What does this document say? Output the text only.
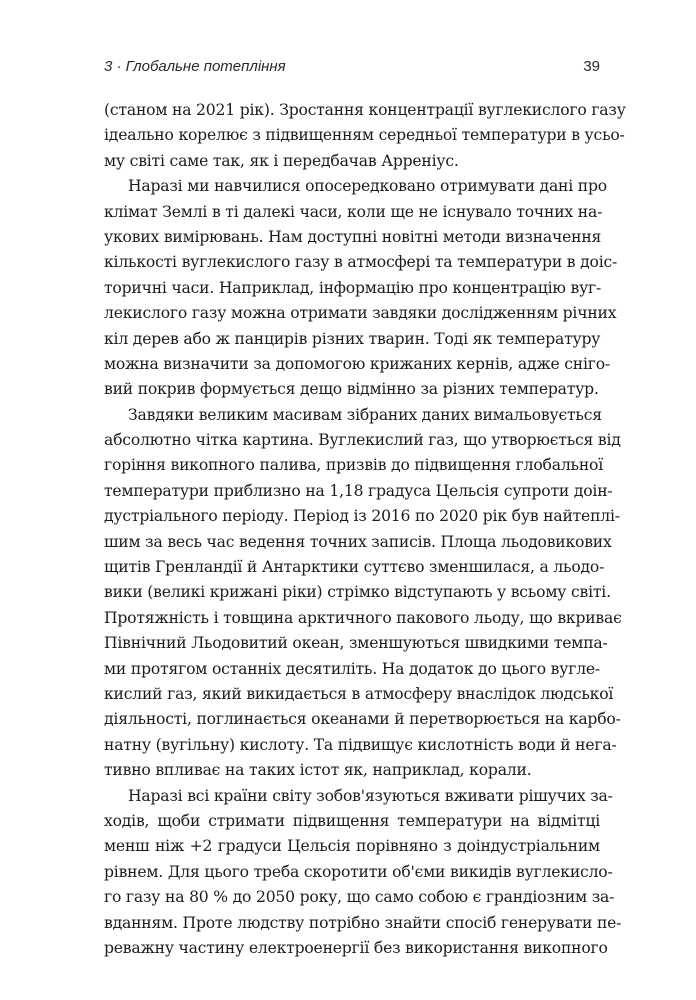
3 · Глобальне потепління	39
(станом на 2021 рік). Зростання концентрації вуглекислого газу
ідеально корелює з підвищенням середньої температури в усьо-
му світі саме так, як і передбачав Арреніус.
Наразі ми навчилися опосередковано отримувати дані про
клімат Землі в ті далекі часи, коли ще не існувало точних на-
укових вимірювань. Нам доступні новітні методи визначення
кількості вуглекислого газу в атмосфері та температури в доіс-
торичні часи. Наприклад, інформацію про концентрацію вуг-
лекислого газу можна отримати завдяки дослідженням річних
кіл дерев або ж панцирів різних тварин. Тоді як температуру
можна визначити за допомогою крижаних кернів, адже сніго-
вий покрив формується дещо відмінно за різних температур.
Завдяки великим масивам зібраних даних вимальовується
абсолютно чітка картина. Вуглекислий газ, що утворюється від
горіння викопного палива, призвів до підвищення глобальної
температури приблизно на 1,18 градуса Цельсія супроти доін-
дустріального періоду. Період із 2016 по 2020 рік був найтеплі-
шим за весь час ведення точних записів. Площа льодовикових
щитів Гренландії й Антарктики суттєво зменшилася, а льодо-
вики (великі крижані ріки) стрімко відступають у всьому світі.
Протяжність і товщина арктичного пакового льоду, що вкриває
Північний Льодовитий океан, зменшуються швидкими темпа-
ми протягом останніх десятиліть. На додаток до цього вугле-
кислий газ, який викидається в атмосферу внаслідок людської
діяльності, поглинається океанами й перетворюється на карбо-
натну (вугільну) кислоту. Та підвищує кислотність води й нега-
тивно впливає на таких істот як, наприклад, корали.
Наразі всі країни світу зобов'язуються вживати рішучих за-
ходів, щоби стримати підвищення температури на відмітці
менш ніж +2 градуси Цельсія порівняно з доіндустріальним
рівнем. Для цього треба скоротити об'єми викидів вуглекисло-
го газу на 80 % до 2050 року, що само собою є грандіозним за-
вданням. Проте людству потрібно знайти спосіб генерувати пе-
реважну частину електроенергії без використання викопного
